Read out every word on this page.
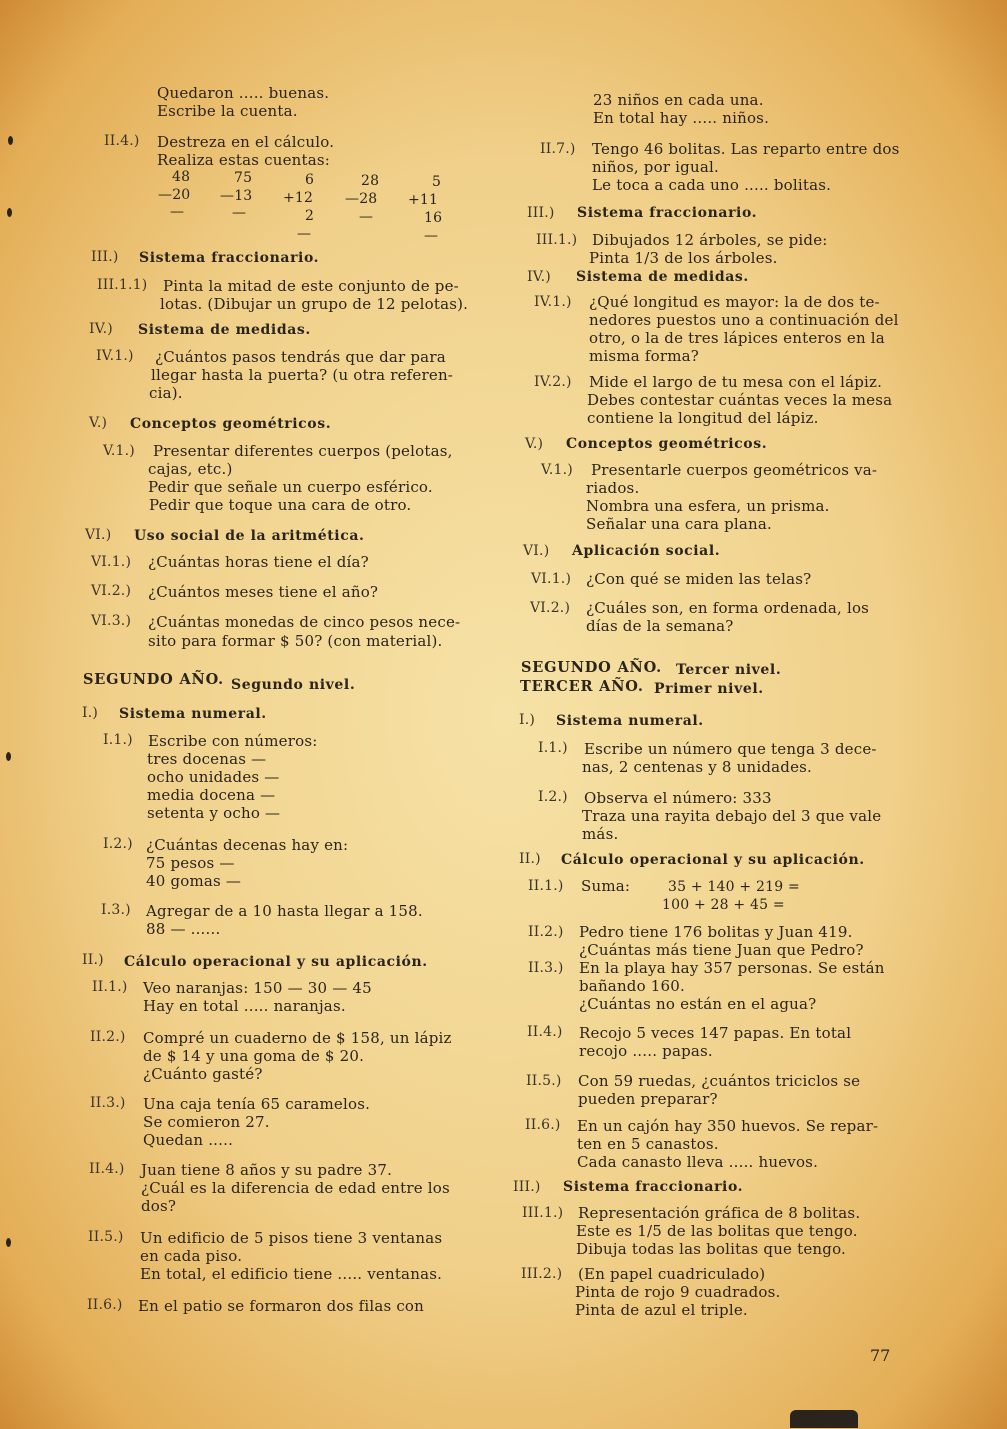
Quedaron ..... buenas.
Escribe la cuenta.
II.4.) Destreza en el cálculo.
Realiza estas cuentas:
48
—20
—
75
—13
—
6
+12
2
—
28
—28
—
5
+11
16
—
III.) Sistema fraccionario.
III.1.1) Pinta la mitad de este conjunto de pe-
lotas. (Dibujar un grupo de 12 pelotas).
IV.) Sistema de medidas.
IV.1.) ¿Cuántos pasos tendrás que dar para
llegar hasta la puerta? (u otra referen-
cia).
V.) Conceptos geométricos.
V.1.) Presentar diferentes cuerpos (pelotas,
cajas, etc.)
Pedir que señale un cuerpo esférico.
Pedir que toque una cara de otro.
VI.) Uso social de la aritmética.
VI.1.) ¿Cuántas horas tiene el día?
VI.2.) ¿Cuántos meses tiene el año?
VI.3.) ¿Cuántas monedas de cinco pesos nece-
sito para formar $ 50? (con material).
SEGUNDO AÑO. Segundo nivel.
I.) Sistema numeral.
I.1.) Escribe con números:
tres docenas —
ocho unidades —
media docena —
setenta y ocho —
I.2.) ¿Cuántas decenas hay en:
75 pesos —
40 gomas —
I.3.) Agregar de a 10 hasta llegar a 158.
88 — ......
II.) Cálculo operacional y su aplicación.
II.1.) Veo naranjas: 150 — 30 — 45
Hay en total ..... naranjas.
II.2.) Compré un cuaderno de $ 158, un lápiz
de $ 14 y una goma de $ 20.
¿Cuánto gasté?
II.3.) Una caja tenía 65 caramelos.
Se comieron 27.
Quedan .....
II.4.) Juan tiene 8 años y su padre 37.
¿Cuál es la diferencia de edad entre los
dos?
II.5.) Un edificio de 5 pisos tiene 3 ventanas
en cada piso.
En total, el edificio tiene ..... ventanas.
II.6.) En el patio se formaron dos filas con
23 niños en cada una.
En total hay ..... niños.
II.7.) Tengo 46 bolitas. Las reparto entre dos
niños, por igual.
Le toca a cada uno ..... bolitas.
III.) Sistema fraccionario.
III.1.) Dibujados 12 árboles, se pide:
Pinta 1/3 de los árboles.
IV.) Sistema de medidas.
IV.1.) ¿Qué longitud es mayor: la de dos te-
nedores puestos uno a continuación del
otro, o la de tres lápices enteros en la
misma forma?
IV.2.) Mide el largo de tu mesa con el lápiz.
Debes contestar cuántas veces la mesa
contiene la longitud del lápiz.
V.) Conceptos geométricos.
V.1.) Presentarle cuerpos geométricos va-
riados.
Nombra una esfera, un prisma.
Señalar una cara plana.
VI.) Aplicación social.
VI.1.) ¿Con qué se miden las telas?
VI.2.) ¿Cuáles son, en forma ordenada, los
días de la semana?
SEGUNDO AÑO. Tercer nivel.
TERCER AÑO. Primer nivel.
I.) Sistema numeral.
I.1.) Escribe un número que tenga 3 dece-
nas, 2 centenas y 8 unidades.
I.2.) Observa el número: 333
Traza una rayita debajo del 3 que vale
más.
II.) Cálculo operacional y su aplicación.
II.1.) Suma:	35 + 140 + 219 =
100 + 28 + 45 =
II.2.) Pedro tiene 176 bolitas y Juan 419.
¿Cuántas más tiene Juan que Pedro?
II.3.) En la playa hay 357 personas. Se están
bañando 160.
¿Cuántas no están en el agua?
II.4.) Recojo 5 veces 147 papas. En total
recojo ..... papas.
II.5.) Con 59 ruedas, ¿cuántos triciclos se
pueden preparar?
II.6.) En un cajón hay 350 huevos. Se repar-
ten en 5 canastos.
Cada canasto lleva ..... huevos.
III.) Sistema fraccionario.
III.1.) Representación gráfica de 8 bolitas.
Este es 1/5 de las bolitas que tengo.
Dibuja todas las bolitas que tengo.
III.2.) (En papel cuadriculado)
Pinta de rojo 9 cuadrados.
Pinta de azul el triple.
77
